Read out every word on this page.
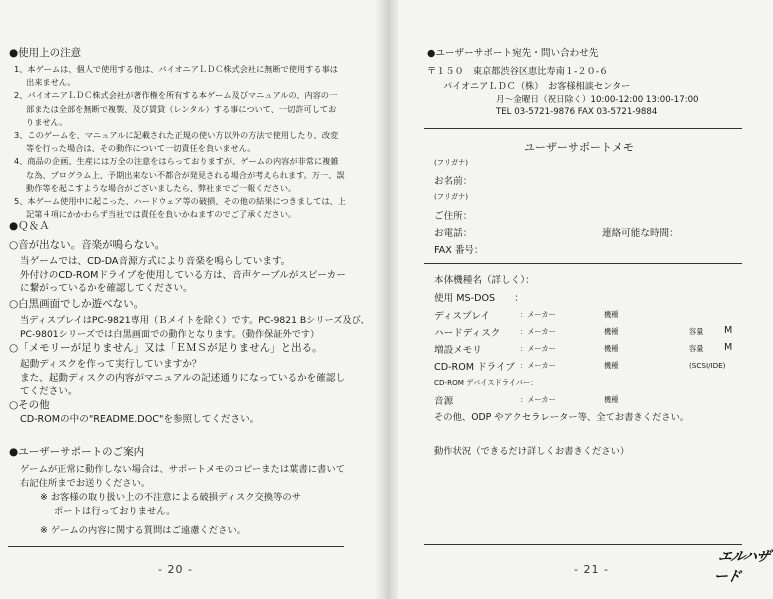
●使用上の注意
1、本ゲームは、個人で使用する他は、パイオニアＬＤＣ株式会社に無断で使用する事は
出来ません。
2、パイオニアＬＤＣ株式会社が著作権を所有する本ゲーム及びマニュアルの、内容の一
部または全部を無断で複製、及び賃貸（レンタル）する事について、一切許可してお
りません。
3、このゲームを、マニュアルに記載された正規の使い方以外の方法で使用したり、改変
等を行った場合は、その動作について一切責任を負いません。
4、商品の企画、生産には万全の注意をはらっておりますが、ゲームの内容が非常に複雑
な為、プログラム上、予期出来ない不都合が発見される場合が考えられます。万一、誤
動作等を起こすような場合がございましたら、弊社までご一報ください。
5、本ゲーム使用中に起こった、ハードウェア等の破損、その他の結果につきましては、上
記第４項にかかわらず当社では責任を負いかねますのでご了承ください。
●Ｑ＆Ａ
○音が出ない。音楽が鳴らない。
当ゲームでは、CD-DA音源方式により音楽を鳴らしています。
外付けのCD-ROMドライブを使用している方は、音声ケーブルがスピーカー
に繋がっているかを確認してください。
○白黒画面でしか遊べない。
当ディスプレイはPC-9821専用（Ｂメイトを除く）です。PC-9821 Bシリーズ及び、
PC-9801シリーズでは白黒画面での動作となります。（動作保証外です）
○「メモリーが足りません」又は「ＥＭＳが足りません」と出る。
起動ディスクを作って実行していますか？
また、起動ディスクの内容がマニュアルの記述通りになっているかを確認し
てください。
○その他
CD-ROMの中の"README.DOC"を参照してください。
●ユーザーサポートのご案内
ゲームが正常に動作しない場合は、サポートメモのコピーまたは葉書に書いて
右記住所までお送りください。
※ お客様の取り扱い上の不注意による破損ディスク交換等のサ
ポートは行っておりません。
※ ゲームの内容に関する質問はご遠慮ください。
- 20 -
●ユーザーサポート宛先・問い合わせ先
〒１５０　東京都渋谷区恵比寿南１-２０-６
パイオニアＬＤＣ（株）　お客様相談センター
月～金曜日（祝日除く）10:00-12:00 13:00-17:00
TEL 03-5721-9876 FAX 03-5721-9884
ユーザーサポートメモ
(フリガナ)
お名前：
(フリガナ)
ご住所：
お電話：	連絡可能な時間：
FAX 番号：
本体機種名（詳しく）：
使用 MS-DOS　　：
ディスプレイ	：メーカー	機種
ハードディスク	：メーカー	機種	容量 M
増設メモリ	：メーカー	機種	容量 M
CD-ROM ドライブ ：メーカー	機種	(SCSI/IDE)
CD-ROM デバイスドライバー：
音源	：メーカー	機種
その他、ODP やアクセラレーター等、全てお書きください。
動作状況（できるだけ詳しくお書きください）
- 21 -
エルハザード
